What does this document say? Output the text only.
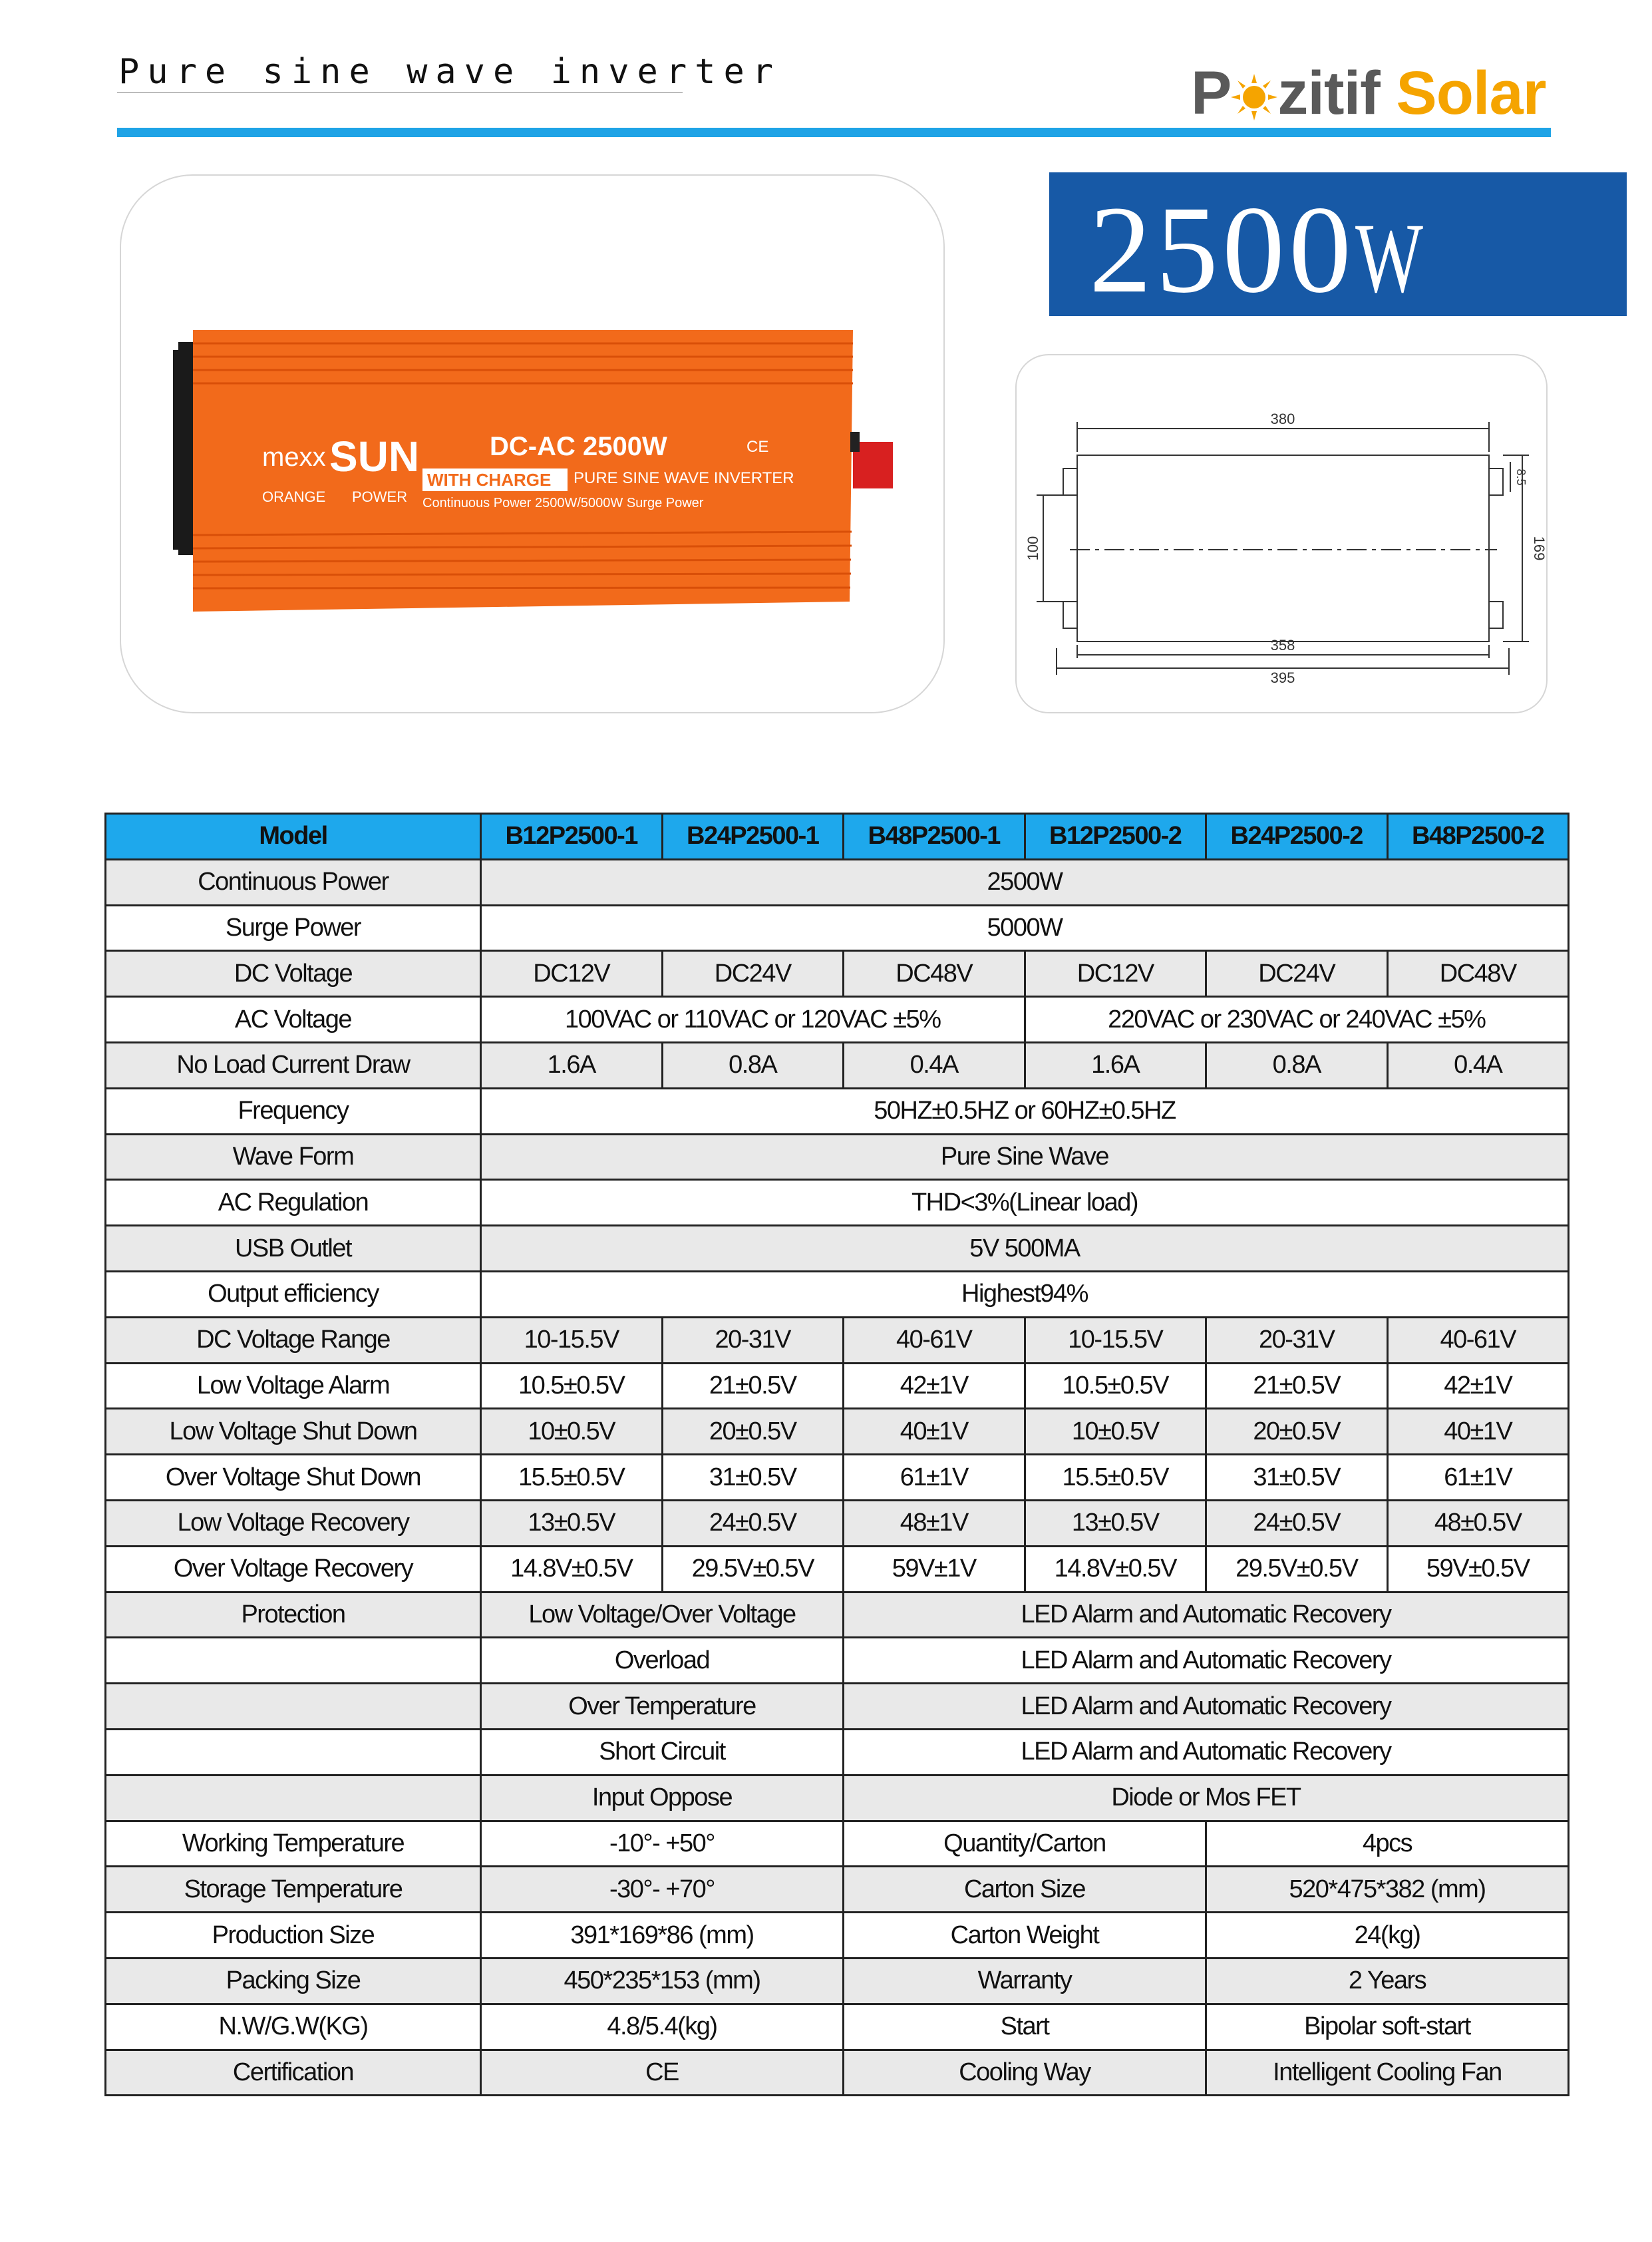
Pure sine wave inverter	P zitif Solar
mexx SUN
ORANGE POWER
DC-AC 2500W	CE
WITH CHARGE PURE SINE WAVE INVERTER
Continuous Power 2500W/5000W Surge Power
2500W
380
358
395
100	169
8.5
Model	B12P2500-1	B24P2500-1	B48P2500-1	B12P2500-2	B24P2500-2	B48P2500-2
Continuous Power	2500W					
Surge Power	5000W					
DC Voltage	DC12V	DC24V	DC48V	DC12V	DC24V	DC48V
AC Voltage	100VAC or 110VAC or 120VAC ±5%			220VAC or 230VAC or 240VAC ±5%		
No Load Current Draw	1.6A	0.8A	0.4A	1.6A	0.8A	0.4A
Frequency	50HZ±0.5HZ or 60HZ±0.5HZ					
Wave Form	Pure Sine Wave					
AC Regulation	THD<3%(Linear load)					
USB Outlet	5V 500MA					
Output efficiency	Highest94%					
DC Voltage Range	10-15.5V	20-31V	40-61V	10-15.5V	20-31V	40-61V
Low Voltage Alarm	10.5±0.5V	21±0.5V	42±1V	10.5±0.5V	21±0.5V	42±1V
Low Voltage Shut Down	10±0.5V	20±0.5V	40±1V	10±0.5V	20±0.5V	40±1V
Over Voltage Shut Down	15.5±0.5V	31±0.5V	61±1V	15.5±0.5V	31±0.5V	61±1V
Low Voltage Recovery	13±0.5V	24±0.5V	48±1V	13±0.5V	24±0.5V	48±0.5V
Over Voltage Recovery	14.8V±0.5V	29.5V±0.5V	59V±1V	14.8V±0.5V	29.5V±0.5V	59V±0.5V
Protection	Low Voltage/Over Voltage		LED Alarm and Automatic Recovery			
	Overload		LED Alarm and Automatic Recovery			
	Over Temperature		LED Alarm and Automatic Recovery			
	Short Circuit		LED Alarm and Automatic Recovery			
	Input Oppose		Diode or Mos FET			
Working Temperature	-10°- +50°		Quantity/Carton		4pcs	
Storage Temperature	-30°- +70°		Carton Size		520*475*382 (mm)	
Production Size	391*169*86 (mm)		Carton Weight		24(kg)	
Packing Size	450*235*153 (mm)		Warranty		2 Years	
N.W/G.W(KG)	4.8/5.4(kg)		Start		Bipolar soft-start	
Certification	CE		Cooling Way		Intelligent Cooling Fan	
